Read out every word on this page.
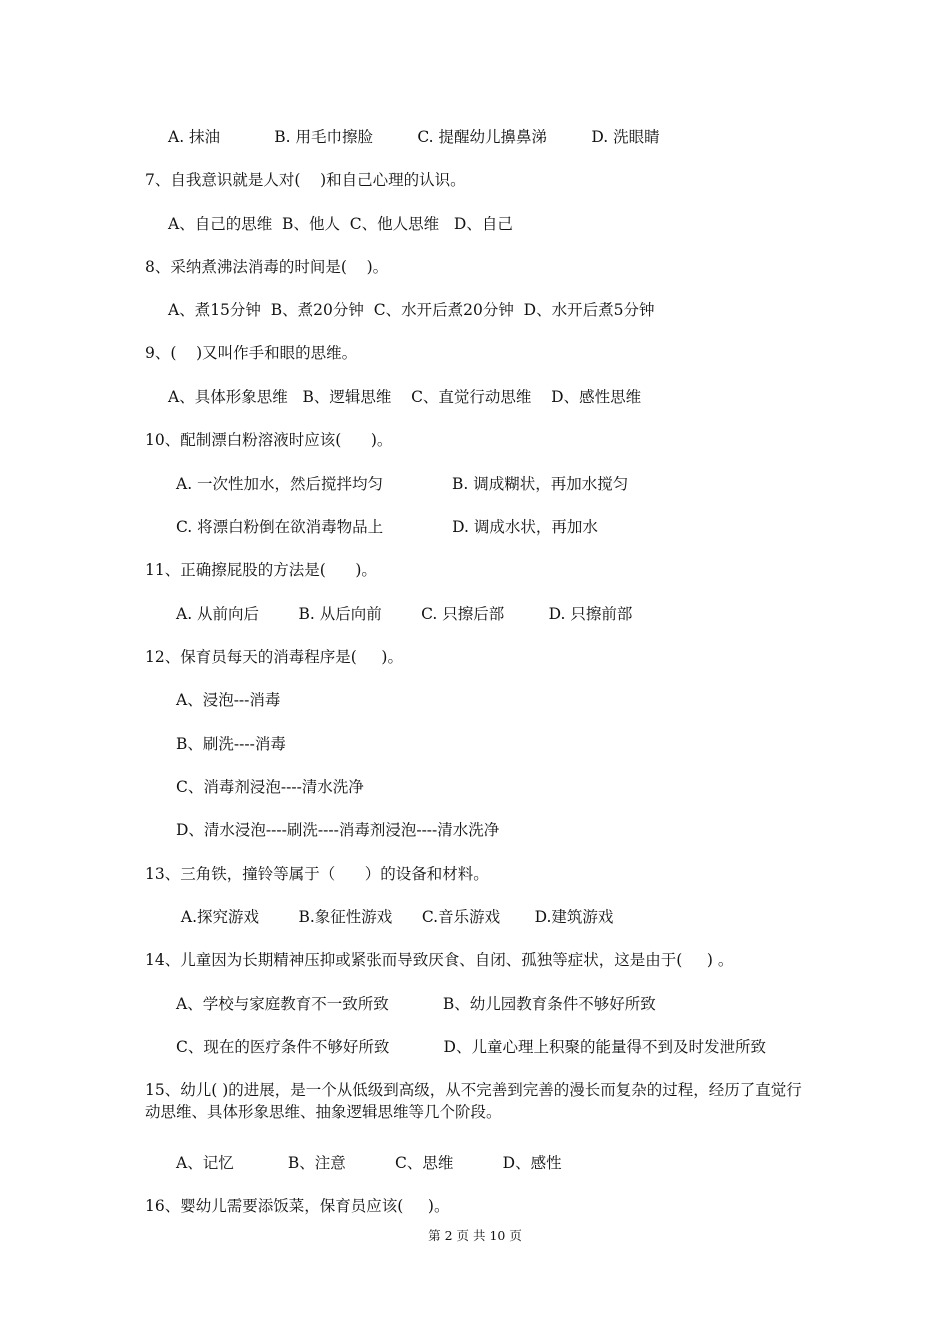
A. 抹油           B. 用毛巾擦脸         C. 提醒幼儿擤鼻涕         D. 洗眼睛
7、自我意识就是人对(    )和自己心理的认识。
A、自己的思维  B、他人  C、他人思维   D、自己
8、采纳煮沸法消毒的时间是(    )。
A、煮15分钟  B、煮20分钟  C、水开后煮20分钟  D、水开后煮5分钟
9、(    )又叫作手和眼的思维。
A、具体形象思维   B、逻辑思维    C、直觉行动思维    D、感性思维
10、配制漂白粉溶液时应该(      )。
A. 一次性加水，然后搅拌均匀              B. 调成糊状，再加水搅匀
C. 将漂白粉倒在欲消毒物品上              D. 调成水状，再加水
11、正确擦屁股的方法是(      )。
A. 从前向后        B. 从后向前        C. 只擦后部         D. 只擦前部
12、保育员每天的消毒程序是(     )。
A、浸泡---消毒
B、刷洗----消毒
C、消毒剂浸泡----清水洗净
D、清水浸泡----刷洗----消毒剂浸泡----清水洗净
13、三角铁，撞铃等属于（      ）的设备和材料。
A.探究游戏        B.象征性游戏      C.音乐游戏       D.建筑游戏
14、儿童因为长期精神压抑或紧张而导致厌食、自闭、孤独等症状，这是由于(     ) 。
A、学校与家庭教育不一致所致           B、幼儿园教育条件不够好所致
C、现在的医疗条件不够好所致           D、儿童心理上积聚的能量得不到及时发泄所致
15、幼儿( )的进展，是一个从低级到高级，从不完善到完善的漫长而复杂的过程，经历了直觉行动思维、具体形象思维、抽象逻辑思维等几个阶段。
A、记忆           B、注意          C、思维          D、感性
16、婴幼儿需要添饭菜，保育员应该(     )。
第 2 页 共 10 页
